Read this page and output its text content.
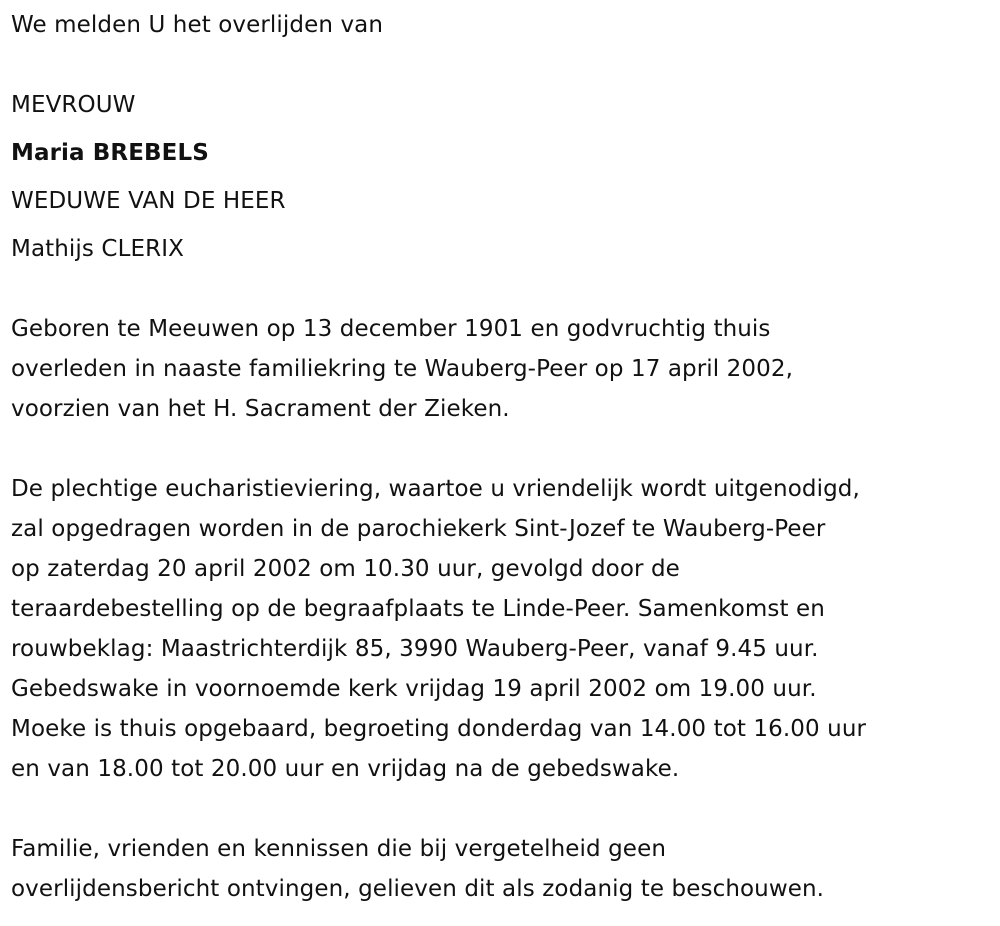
We melden U het overlijden van
MEVROUW
Maria BREBELS
WEDUWE VAN DE HEER
Mathijs CLERIX
Geboren te Meeuwen op 13 december 1901 en godvruchtig thuis
overleden in naaste familiekring te Wauberg-Peer op 17 april 2002,
voorzien van het H. Sacrament der Zieken.
De plechtige eucharistieviering, waartoe u vriendelijk wordt uitgenodigd,
zal opgedragen worden in de parochiekerk Sint-Jozef te Wauberg-Peer
op zaterdag 20 april 2002 om 10.30 uur, gevolgd door de
teraardebestelling op de begraafplaats te Linde-Peer. Samenkomst en
rouwbeklag: Maastrichterdijk 85, 3990 Wauberg-Peer, vanaf 9.45 uur.
Gebedswake in voornoemde kerk vrijdag 19 april 2002 om 19.00 uur.
Moeke is thuis opgebaard, begroeting donderdag van 14.00 tot 16.00 uur
en van 18.00 tot 20.00 uur en vrijdag na de gebedswake.
Familie, vrienden en kennissen die bij vergetelheid geen
overlijdensbericht ontvingen, gelieven dit als zodanig te beschouwen.
